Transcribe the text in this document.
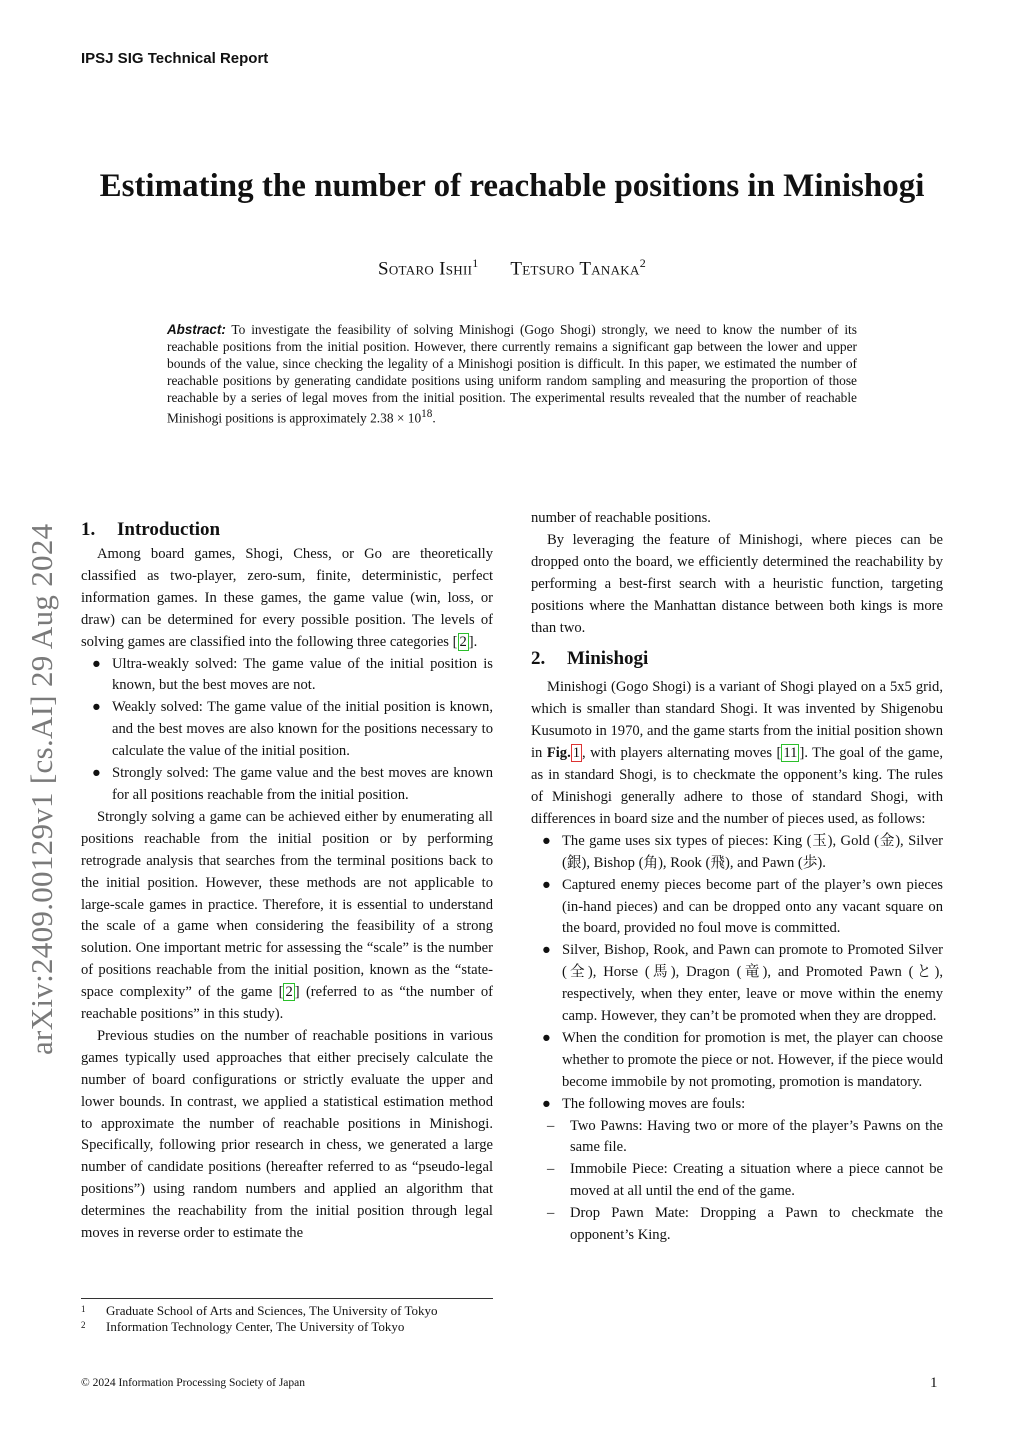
IPSJ SIG Technical Report
Estimating the number of reachable positions in Minishogi
Sotaro Ishii$^1$ Tetsuro Tanaka$^2$
Abstract: To investigate the feasibility of solving Minishogi (Gogo Shogi) strongly, we need to know the number of its reachable positions from the initial position. However, there currently remains a significant gap between the lower and upper bounds of the value, since checking the legality of a Minishogi position is difficult. In this paper, we estimated the number of reachable positions by generating candidate positions using uniform random sampling and measuring the proportion of those reachable by a series of legal moves from the initial position. The experimental results revealed that the number of reachable Minishogi positions is approximately $2.38 \times 10^{18}$.
arXiv:2409.00129v1 [cs.AI] 29 Aug 2024 1. Introduction

Among board games, Shogi, Chess, or Go are theoretically classified as two-player, zero-sum, finite, deterministic, perfect information games. In these games, the game value (win, loss, or draw) can be determined for every possible position. The levels of solving games are classified into the following three categories [ 2 ].

● Ultra-weakly solved: The game value of the initial position is known, but the best moves are not.
● Weakly solved: The game value of the initial position is known, and the best moves are also known for the positions necessary to calculate the value of the initial position.
● Strongly solved: The game value and the best moves are known for all positions reachable from the initial position.

Strongly solving a game can be achieved either by enumerating all positions reachable from the initial position or by performing retrograde analysis that searches from the terminal positions back to the initial position. However, these methods are not applicable to large-scale games in practice. Therefore, it is essential to understand the scale of a game when considering the feasibility of a strong solution. One important metric for assessing the “scale” is the number of positions reachable from the initial position, known as the “state-space complexity” of the game [ 2 ] (referred to as “the number of reachable positions” in this study).

Previous studies on the number of reachable positions in various games typically used approaches that either precisely calculate the number of board configurations or strictly evaluate the upper and lower bounds. In contrast, we applied a statistical estimation method to approximate the number of reachable positions in Minishogi. Specifically, following prior research in chess, we generated a large number of candidate positions (hereafter referred to as “pseudo-legal positions”) using random numbers and applied an algorithm that determines the reachability from the initial position through legal moves in reverse order to estimate the

number of reachable positions.

By leveraging the feature of Minishogi, where pieces can be dropped onto the board, we efficiently determined the reachability by performing a best-first search with a heuristic function, targeting positions where the Manhattan distance between both kings is more than two.

2. Minishogi

Minishogi (Gogo Shogi) is a variant of Shogi played on a 5x5 grid, which is smaller than standard Shogi. It was invented by Shigenobu Kusumoto in 1970, and the game starts from the initial position shown in Fig. 1 , with players alternating moves [ 11 ]. The goal of the game, as in standard Shogi, is to checkmate the opponent’s king. The rules of Minishogi generally adhere to those of standard Shogi, with differences in board size and the number of pieces used, as follows:

● The game uses six types of pieces: King (玉), Gold (金), Silver (銀), Bishop (角), Rook (飛), and Pawn (歩).
● Captured enemy pieces become part of the player’s own pieces (in-hand pieces) and can be dropped onto any vacant square on the board, provided no foul move is committed.
● Silver, Bishop, Rook, and Pawn can promote to Promoted Silver (全), Horse (馬), Dragon (竜), and Promoted Pawn (と), respectively, when they enter, leave or move within the enemy camp. However, they can’t be promoted when they are dropped.
● When the condition for promotion is met, the player can choose whether to promote the piece or not. However, if the piece would become immobile by not promoting, promotion is mandatory.
● The following moves are fouls:
– Two Pawns: Having two or more of the player’s Pawns on the same file.
– Immobile Piece: Creating a situation where a piece cannot be moved at all until the end of the game.
– Drop Pawn Mate: Dropping a Pawn to checkmate the opponent’s King.
1 Graduate School of Arts and Sciences, The University of Tokyo
2 Information Technology Center, The University of Tokyo
© 2024 Information Processing Society of Japan	1
